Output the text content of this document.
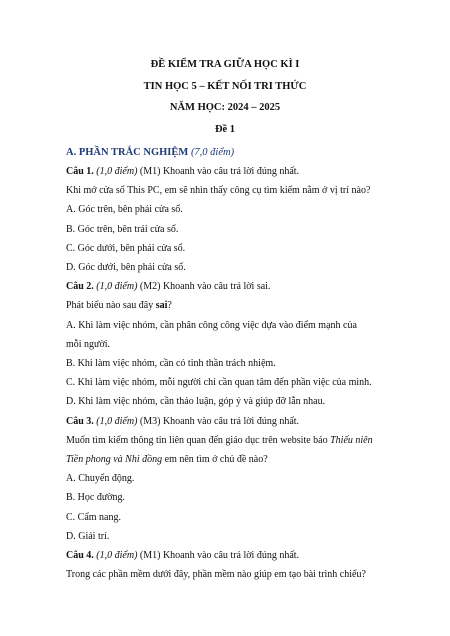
ĐỀ KIỂM TRA GIỮA HỌC KÌ I
TIN HỌC 5 – KẾT NỐI TRI THỨC
NĂM HỌC: 2024 – 2025
Đề 1
A. PHẦN TRẮC NGHIỆM (7,0 điểm)

Câu 1. (1,0 điểm) (M1) Khoanh vào câu trả lời đúng nhất.

Khi mở cửa sổ This PC, em sẽ nhìn thấy công cụ tìm kiếm nằm ở vị trí nào?

A. Góc trên, bên phải cửa sổ.

B. Góc trên, bên trái cửa sổ.

C. Góc dưới, bên phải cửa sổ.

D. Góc dưới, bên phải cửa sổ.

Câu 2. (1,0 điểm) (M2) Khoanh vào câu trả lời sai.

Phát biểu nào sau đây sai?

A. Khi làm việc nhóm, cần phân công công việc dựa vào điểm mạnh của

mỗi người.

B. Khi làm việc nhóm, cần có tinh thần trách nhiệm.

C. Khi làm việc nhóm, mỗi người chỉ cần quan tâm đến phần việc của mình.

D. Khi làm việc nhóm, cần thảo luận, góp ý và giúp đỡ lẫn nhau.

Câu 3. (1,0 điểm) (M3) Khoanh vào câu trả lời đúng nhất.

Muốn tìm kiếm thông tin liên quan đến giáo dục trên website báo Thiếu niên

Tiền phong và Nhi đồng em nên tìm ở chủ đề nào?

A. Chuyển động.

B. Học đường.

C. Cẩm nang.

D. Giải trí.

Câu 4. (1,0 điểm) (M1) Khoanh vào câu trả lời đúng nhất.

Trong các phần mềm dưới đây, phần mềm nào giúp em tạo bài trình chiếu?
